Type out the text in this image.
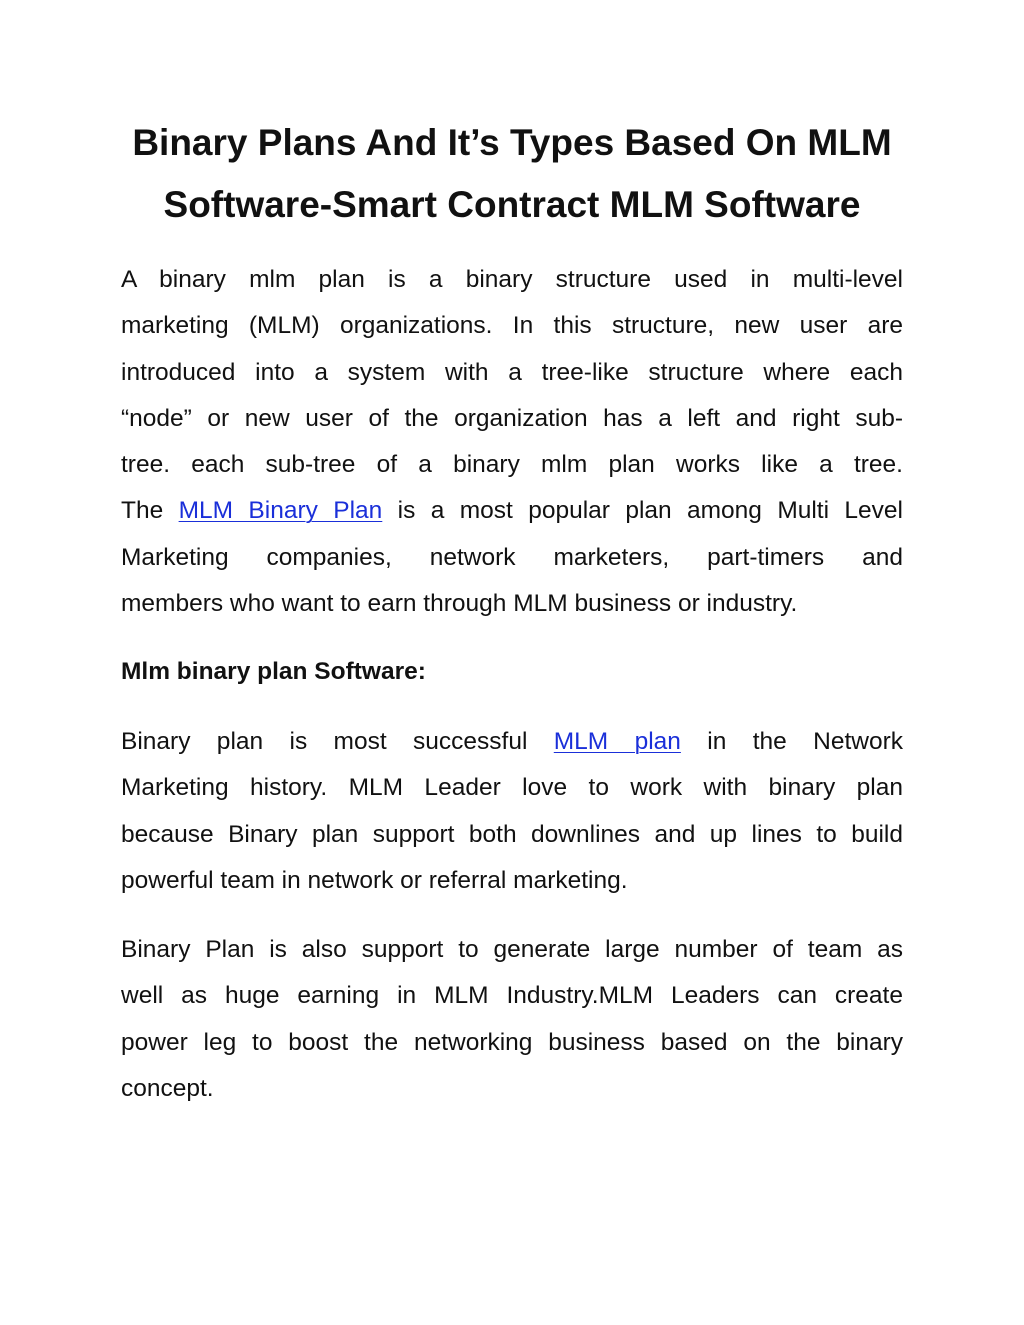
Binary Plans And It’s Types Based On MLM
Software-Smart Contract MLM Software

A binary mlm plan is a binary structure used in multi-level
marketing (MLM) organizations. In this structure, new user are
introduced into a system with a tree-like structure where each
“node” or new user of the organization has a left and right sub-
tree. each sub-tree of a binary mlm plan works like a tree.
The MLM Binary Plan is a most popular plan among Multi Level
Marketing companies, network marketers, part-timers and
members who want to earn through MLM business or industry.

Mlm binary plan Software:

Binary plan is most successful MLM plan in the Network
Marketing history. MLM Leader love to work with binary plan
because Binary plan support both downlines and up lines to build
powerful team in network or referral marketing.

Binary Plan is also support to generate large number of team as
well as huge earning in MLM Industry.MLM Leaders can create
power leg to boost the networking business based on the binary
concept.
